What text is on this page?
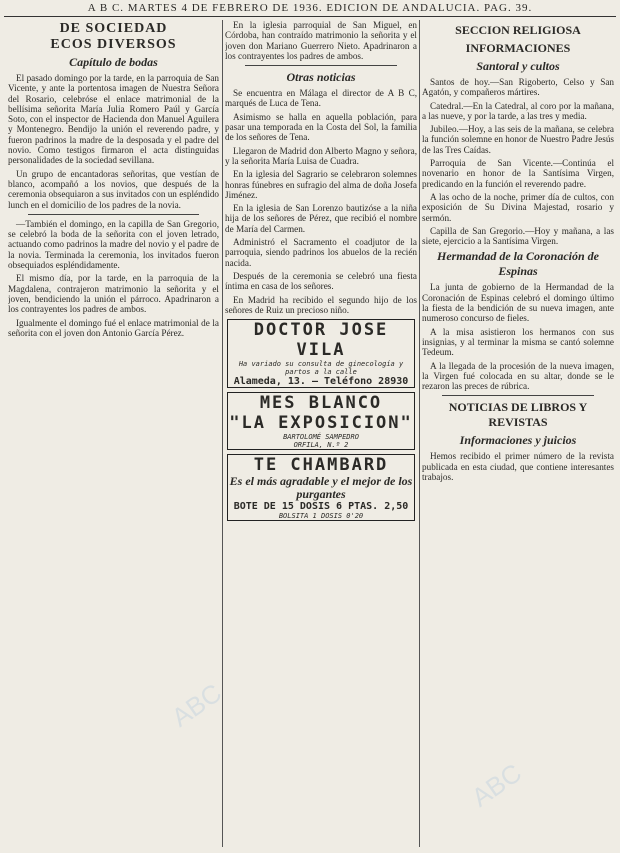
A B C. MARTES 4 DE FEBRERO DE 1936. EDICION DE ANDALUCIA. PAG. 39.
DE SOCIEDAD
ECOS DIVERSOS
Capítulo de bodas

El pasado domingo por la tarde, en la parroquia de San Vicente, y ante la portentosa imagen de Nuestra Señora del Rosario, celebróse el enlace matrimonial de la bellísima señorita María Julia Romero Paúl y García Soto, con el inspector de Hacienda don Manuel Aguilera y Montenegro. Bendijo la unión el reverendo padre, y fueron padrinos la madre de la desposada y el padre del novio. Como testigos firmaron el acta distinguidas personalidades de la sociedad sevillana.

Un grupo de encantadoras señoritas, que vestían de blanco, acompañó a los novios, que después de la ceremonia obsequiaron a sus invitados con un espléndido lunch en el domicilio de los padres de la novia.

—También el domingo, en la capilla de San Gregorio, se celebró la boda de la señorita con el joven letrado, actuando como padrinos la madre del novio y el padre de la novia. Terminada la ceremonia, los invitados fueron obsequiados espléndidamente.

El mismo día, por la tarde, en la parroquia de la Magdalena, contrajeron matrimonio la señorita y el joven, bendiciendo la unión el párroco. Apadrinaron a los contrayentes los padres de ambos.

Igualmente el domingo fué el enlace matrimonial de la señorita con el joven don Antonio García Pérez.

En la iglesia parroquial de San Miguel, en Córdoba, han contraído matrimonio la señorita y el joven don Mariano Guerrero Nieto. Apadrinaron a los contrayentes los padres de ambos.

Otras noticias

Se encuentra en Málaga el director de A B C, marqués de Luca de Tena.

Asimismo se halla en aquella población, para pasar una temporada en la Costa del Sol, la familia de los señores de Tena.

Llegaron de Madrid don Alberto Magno y señora, y la señorita María Luisa de Cuadra.

En la iglesia del Sagrario se celebraron solemnes honras fúnebres en sufragio del alma de doña Josefa Jiménez.

En la iglesia de San Lorenzo bautizóse a la niña hija de los señores de Pérez, que recibió el nombre de María del Carmen.

Administró el Sacramento el coadjutor de la parroquia, siendo padrinos los abuelos de la recién nacida.

Después de la ceremonia se celebró una fiesta íntima en casa de los señores.

En Madrid ha recibido el segundo hijo de los señores de Ruiz un precioso niño.

DOCTOR JOSE VILA
Ha variado su consulta de ginecología y partos a la calle
Alameda, 13. — Teléfono 28930
MES BLANCO
"LA EXPOSICION"
BARTOLOMÉ SAMPEDRO
ORFILA, N.º 2
TE CHAMBARD
Es el más agradable y el mejor de los purgantes
BOTE DE 15 DOSIS 6 PTAS. 2,50
BOLSITA 1 DOSIS 0'20
SECCION RELIGIOSA
INFORMACIONES
Santoral y cultos

Santos de hoy.—San Rigoberto, Celso y San Agatón, y compañeros mártires.

Catedral.—En la Catedral, al coro por la mañana, a las nueve, y por la tarde, a las tres y media.

Jubileo.—Hoy, a las seis de la mañana, se celebra la función solemne en honor de Nuestro Padre Jesús de las Tres Caídas.

Parroquia de San Vicente.—Continúa el novenario en honor de la Santísima Virgen, predicando en la función el reverendo padre.

A las ocho de la noche, primer día de cultos, con exposición de Su Divina Majestad, rosario y sermón.

Capilla de San Gregorio.—Hoy y mañana, a las siete, ejercicio a la Santísima Virgen.

Hermandad de la Coronación de Espinas

La junta de gobierno de la Hermandad de la Coronación de Espinas celebró el domingo último la fiesta de la bendición de su nueva imagen, ante numeroso concurso de fieles.

A la misa asistieron los hermanos con sus insignias, y al terminar la misma se cantó solemne Tedeum.

A la llegada de la procesión de la nueva imagen, la Virgen fué colocada en su altar, donde se le rezaron las preces de rúbrica.

NOTICIAS DE LIBROS Y REVISTAS
Informaciones y juicios

Hemos recibido el primer número de la revista publicada en esta ciudad, que contiene interesantes trabajos.

ABC
ABC
